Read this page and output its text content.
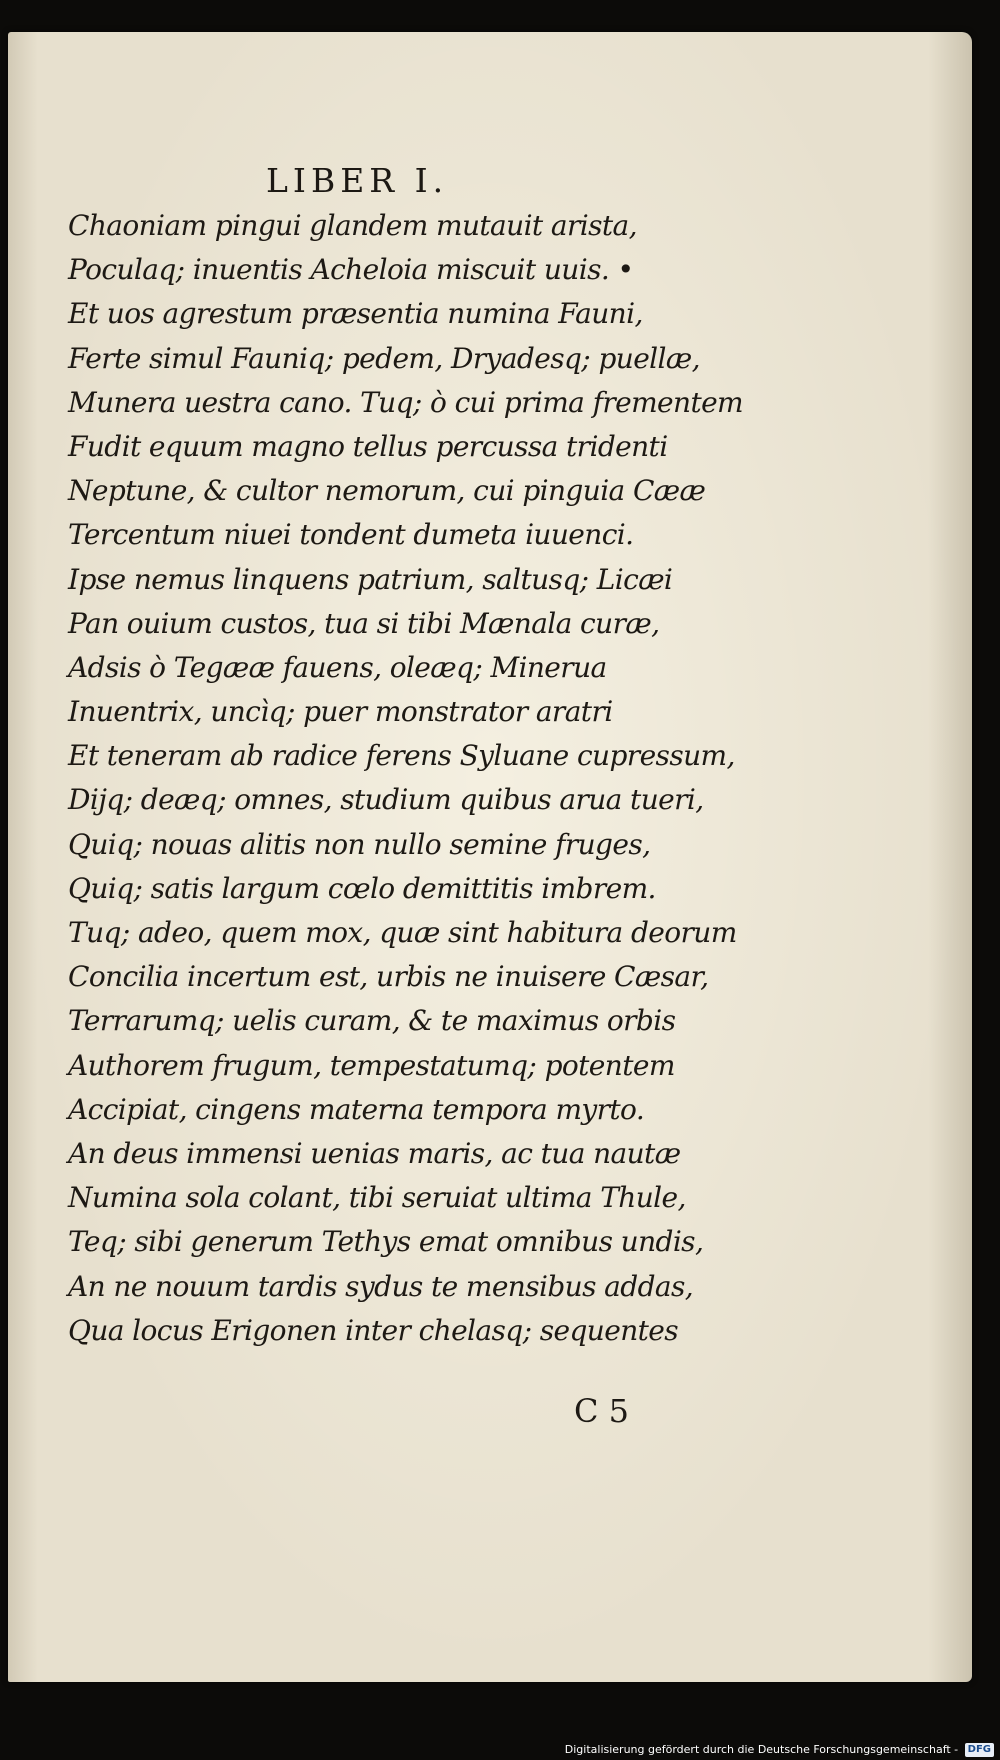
LIBER I.
Chaoniam pingui glandem mutauit arista,
Poculaq; inuentis Acheloia miscuit uuis. •
Et uos agrestum præsentia numina Fauni,
Ferte simul Fauniq; pedem, Dryadesq; puellæ,
Munera uestra cano. Tuq; ò cui prima frementem
Fudit equum magno tellus percussa tridenti
Neptune, & cultor nemorum, cui pinguia Cææ
Tercentum niuei tondent dumeta iuuenci.
Ipse nemus linquens patrium, saltusq; Licæi
Pan ouium custos, tua si tibi Mænala curæ,
Adsis ò Tegææ fauens, oleæq; Minerua
Inuentrix, uncìq; puer monstrator aratri
Et teneram ab radice ferens Syluane cupressum,
Dijq; deæq; omnes, studium quibus arua tueri,
Quiq; nouas alitis non nullo semine fruges,
Quiq; satis largum cœlo demittitis imbrem.
Tuq; adeo, quem mox, quæ sint habitura deorum
Concilia incertum est, urbis ne inuisere Cæsar,
Terrarumq; uelis curam, & te maximus orbis
Authorem frugum, tempestatumq; potentem
Accipiat, cingens materna tempora myrto.
An deus immensi uenias maris, ac tua nautæ
Numina sola colant, tibi seruiat ultima Thule,
Teq; sibi generum Tethys emat omnibus undis,
An ne nouum tardis sydus te mensibus addas,
Qua locus Erigonen inter chelasq; sequentes

C 5

Digitalisierung gefördert durch die Deutsche Forschungsgemeinschaft - DFG
